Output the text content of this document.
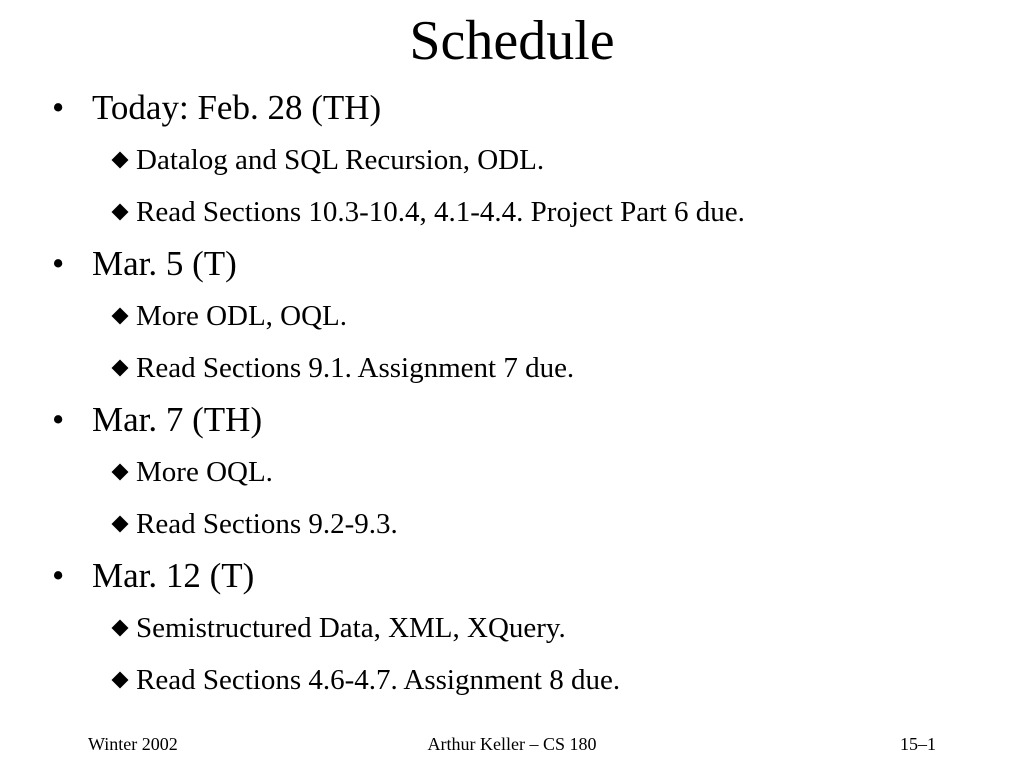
Schedule
• Today: Feb. 28 (TH)
Datalog and SQL Recursion, ODL.
Read Sections 10.3-10.4, 4.1-4.4. Project Part 6 due.
• Mar. 5 (T)
More ODL, OQL.
Read Sections 9.1. Assignment 7 due.
• Mar. 7 (TH)
More OQL.
Read Sections 9.2-9.3.
• Mar. 12 (T)
Semistructured Data, XML, XQuery.
Read Sections 4.6-4.7. Assignment 8 due.
Winter 2002	Arthur Keller – CS 180	15–1
